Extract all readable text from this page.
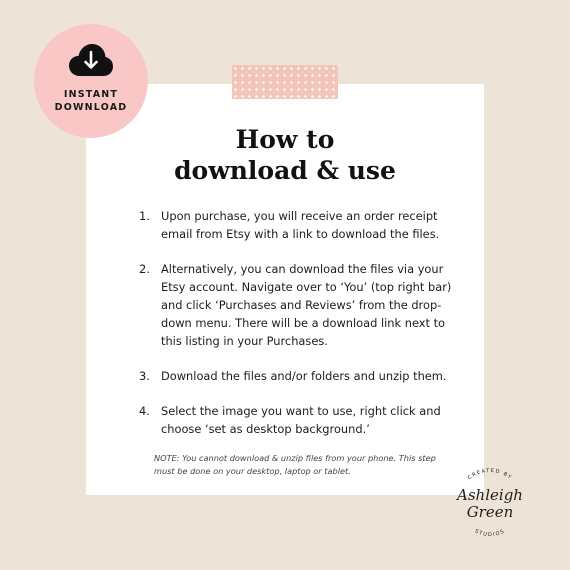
INSTANT
DOWNLOAD
How to
download & use
1. Upon purchase, you will receive an order receipt email from Etsy with a link to download the files.
2. Alternatively, you can download the files via your Etsy account. Navigate over to ‘You’ (top right bar) and click ‘Purchases and Reviews’ from the drop-down menu. There will be a download link next to this listing in your Purchases.
3. Download the files and/or folders and unzip them.
4. Select the image you want to use, right click and choose ‘set as desktop background.’
NOTE: You cannot download & unzip files from your phone. This step must be done on your desktop, laptop or tablet.
CREATED BY
Ashleigh
Green
STUDIOS
